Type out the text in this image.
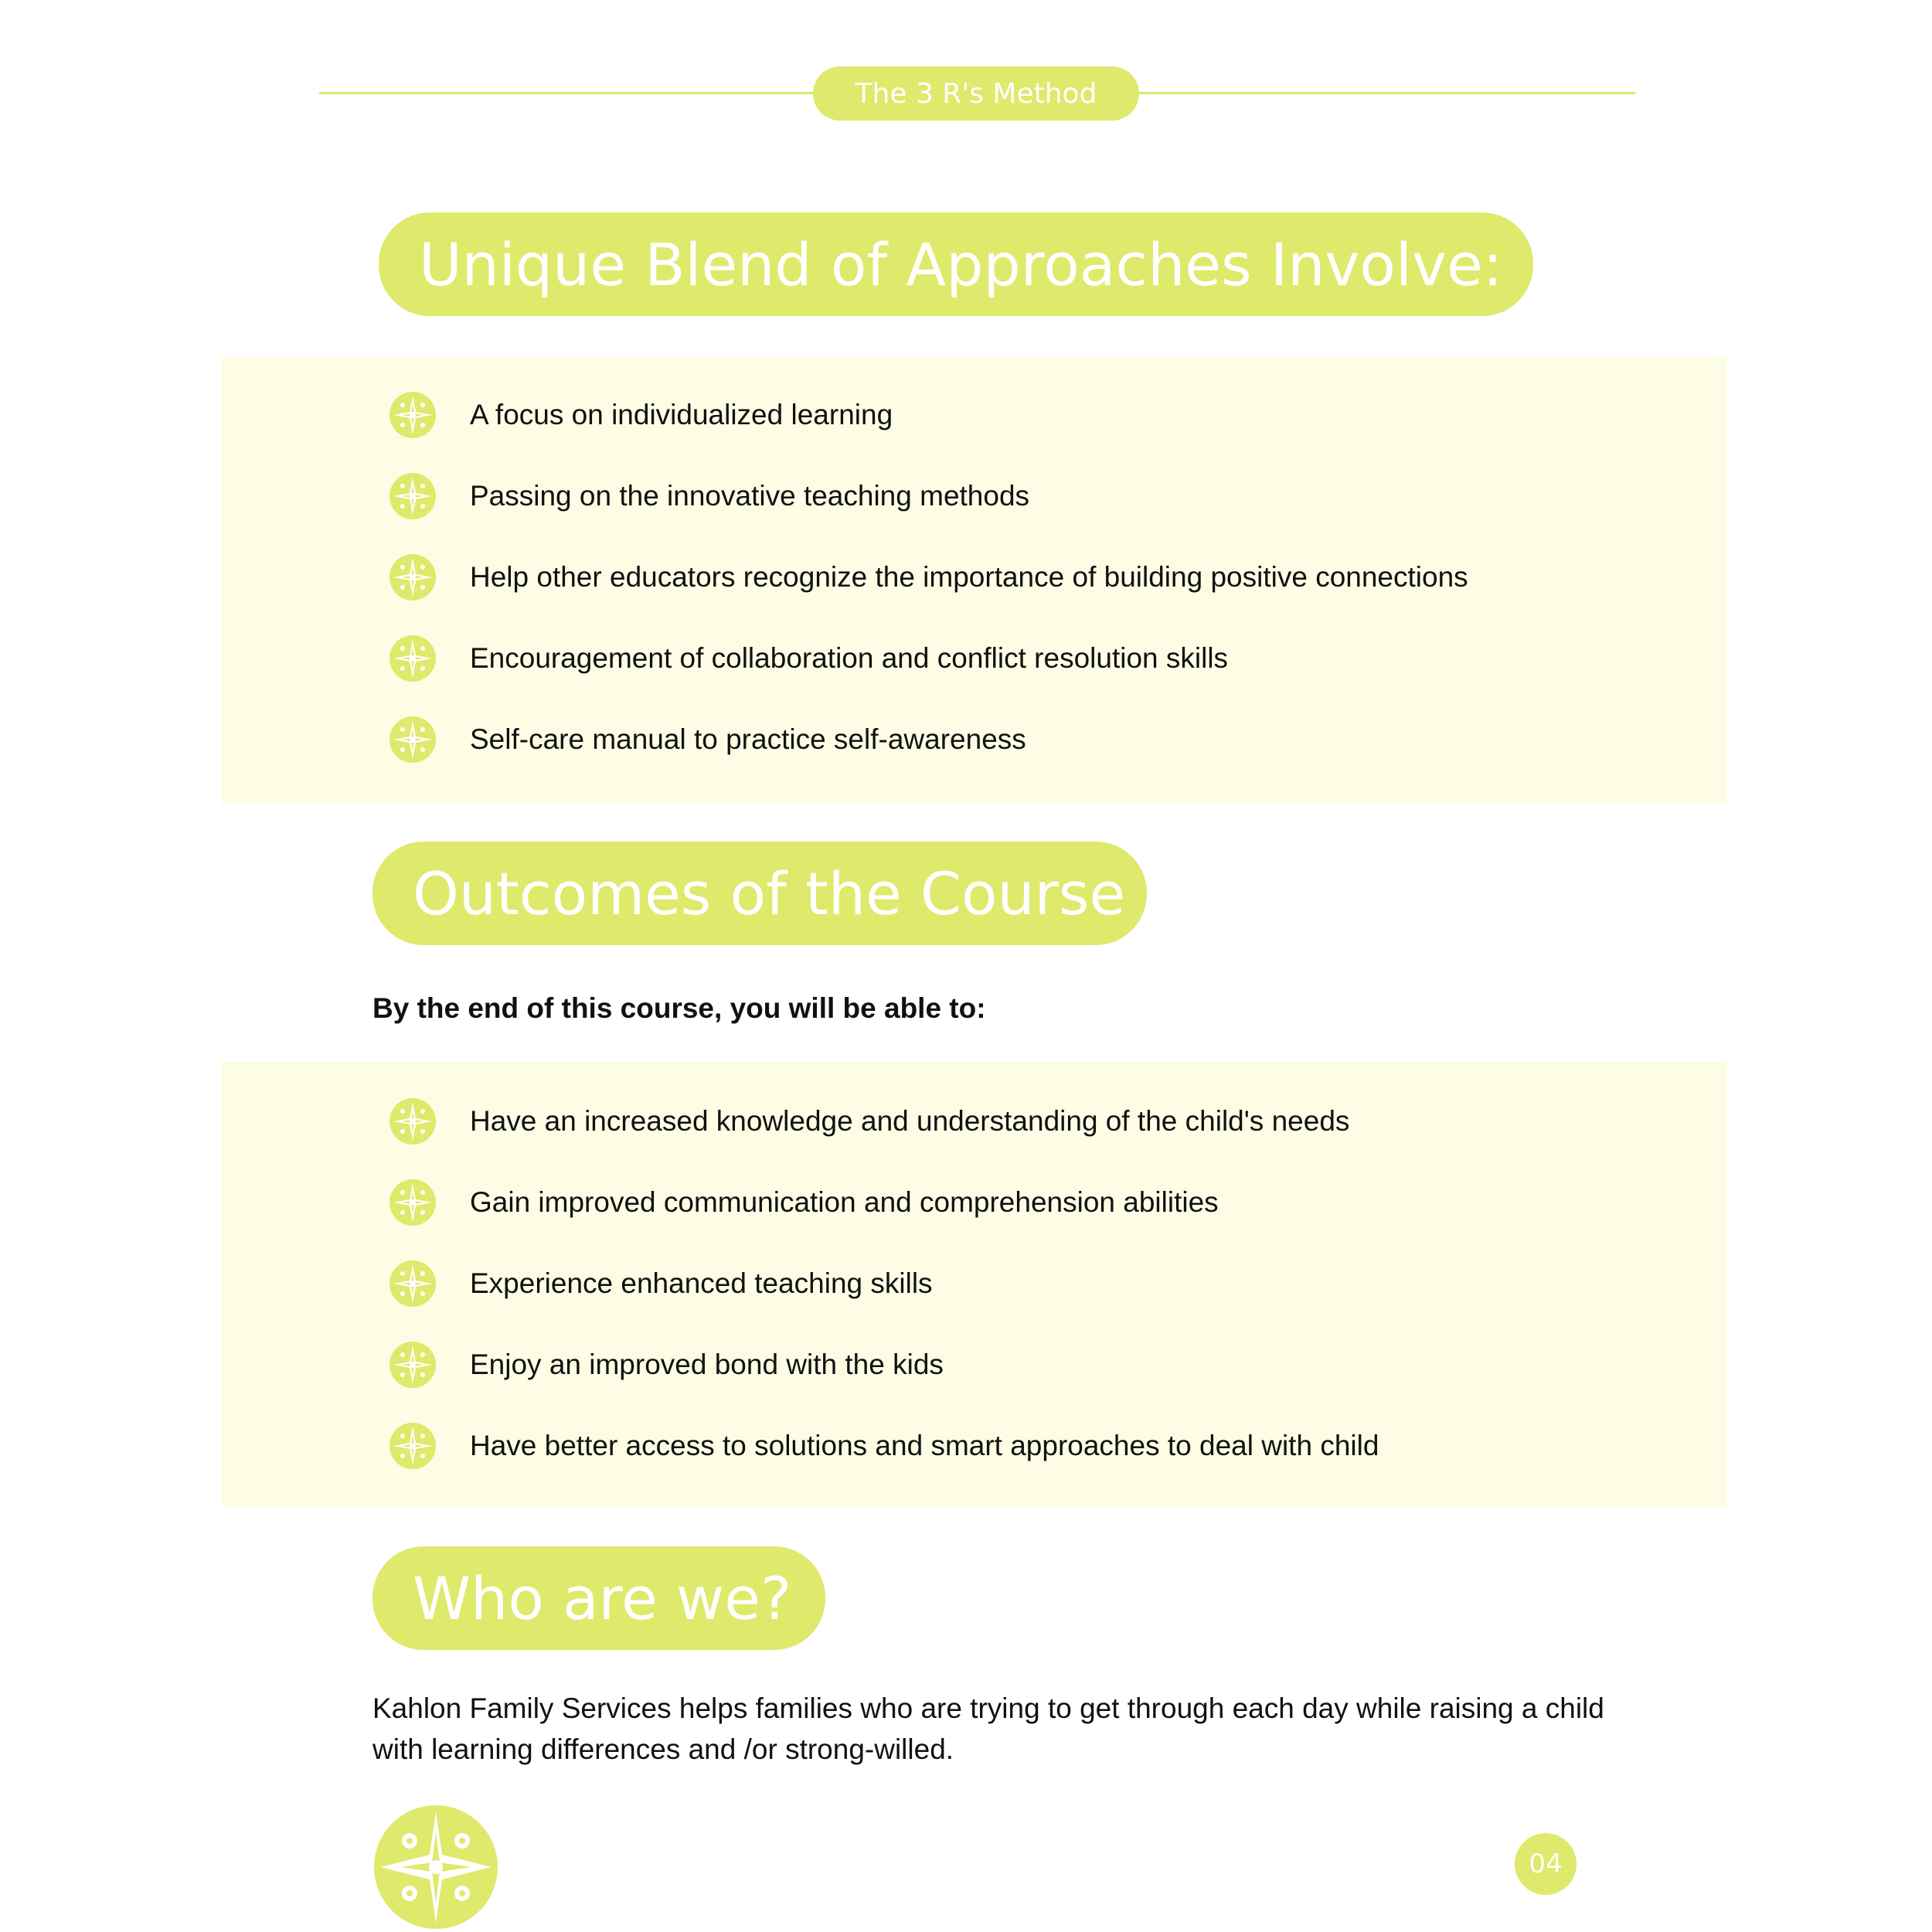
The 3 R's Method
Unique Blend of Approaches Involve:
A focus on individualized learning
Passing on the innovative teaching methods
Help other educators recognize the importance of building positive connections
Encouragement of collaboration and conflict resolution skills
Self-care manual to practice self-awareness
Outcomes of the Course
By the end of this course, you will be able to:
Have an increased knowledge and understanding of the child's needs
Gain improved communication and comprehension abilities
Experience enhanced teaching skills
Enjoy an improved bond with the kids
Have better access to solutions and smart approaches to deal with child
Who are we?
Kahlon Family Services helps families who are trying to get through each day while raising a child with learning differences and /or strong-willed.
04
